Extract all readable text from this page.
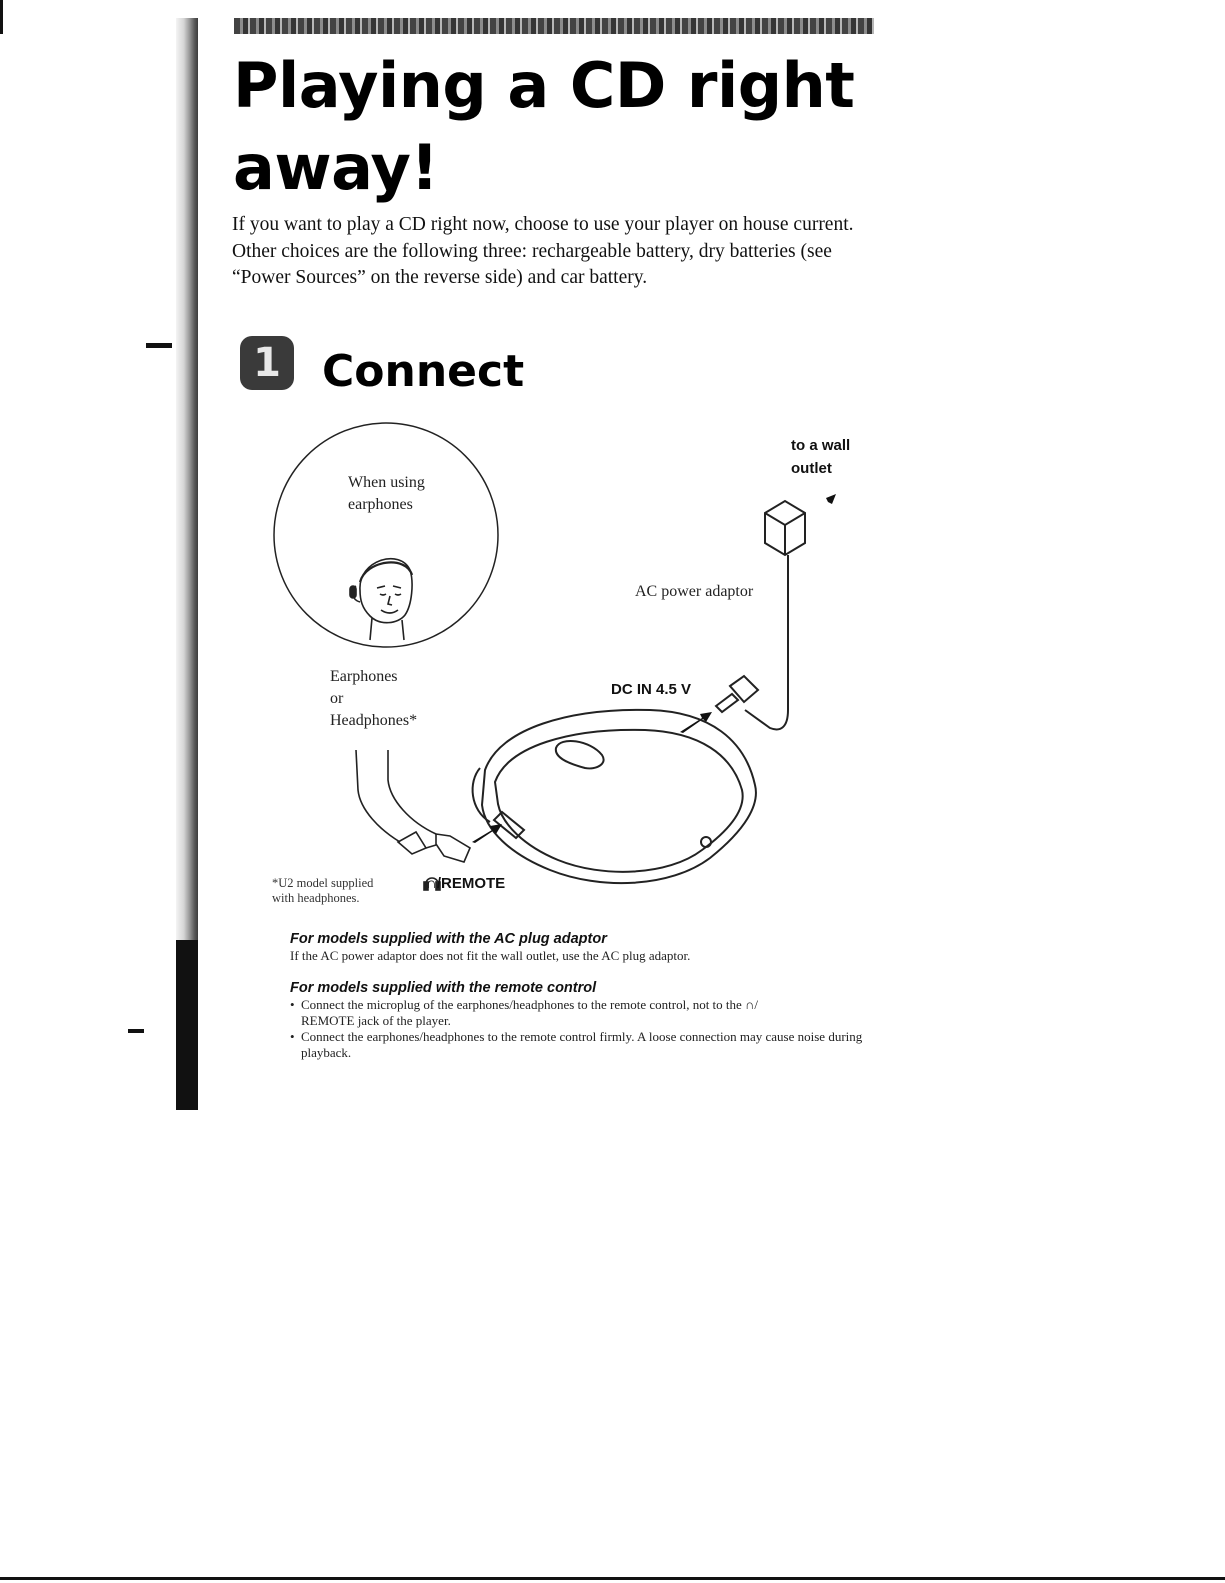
Playing a CD right
away!

If you want to play a CD right now, choose to use your player on house current. Other choices are the following three: rechargeable battery, dry batteries (see “Power Sources” on the reverse side) and car battery.

1 Connect
When using
earphones
to a wall
outlet
AC power adaptor
DC IN 4.5 V
Earphones
or
Headphones*
∩/REMOTE
*U2 model supplied
with headphones.

For models supplied with the AC plug adaptor

If the AC power adaptor does not fit the wall outlet, use the AC plug adaptor.

For models supplied with the remote control

• Connect the microplug of the earphones/headphones to the remote control, not to the ∩/
REMOTE jack of the player.
• Connect the earphones/headphones to the remote control firmly. A loose connection may cause noise during playback.
